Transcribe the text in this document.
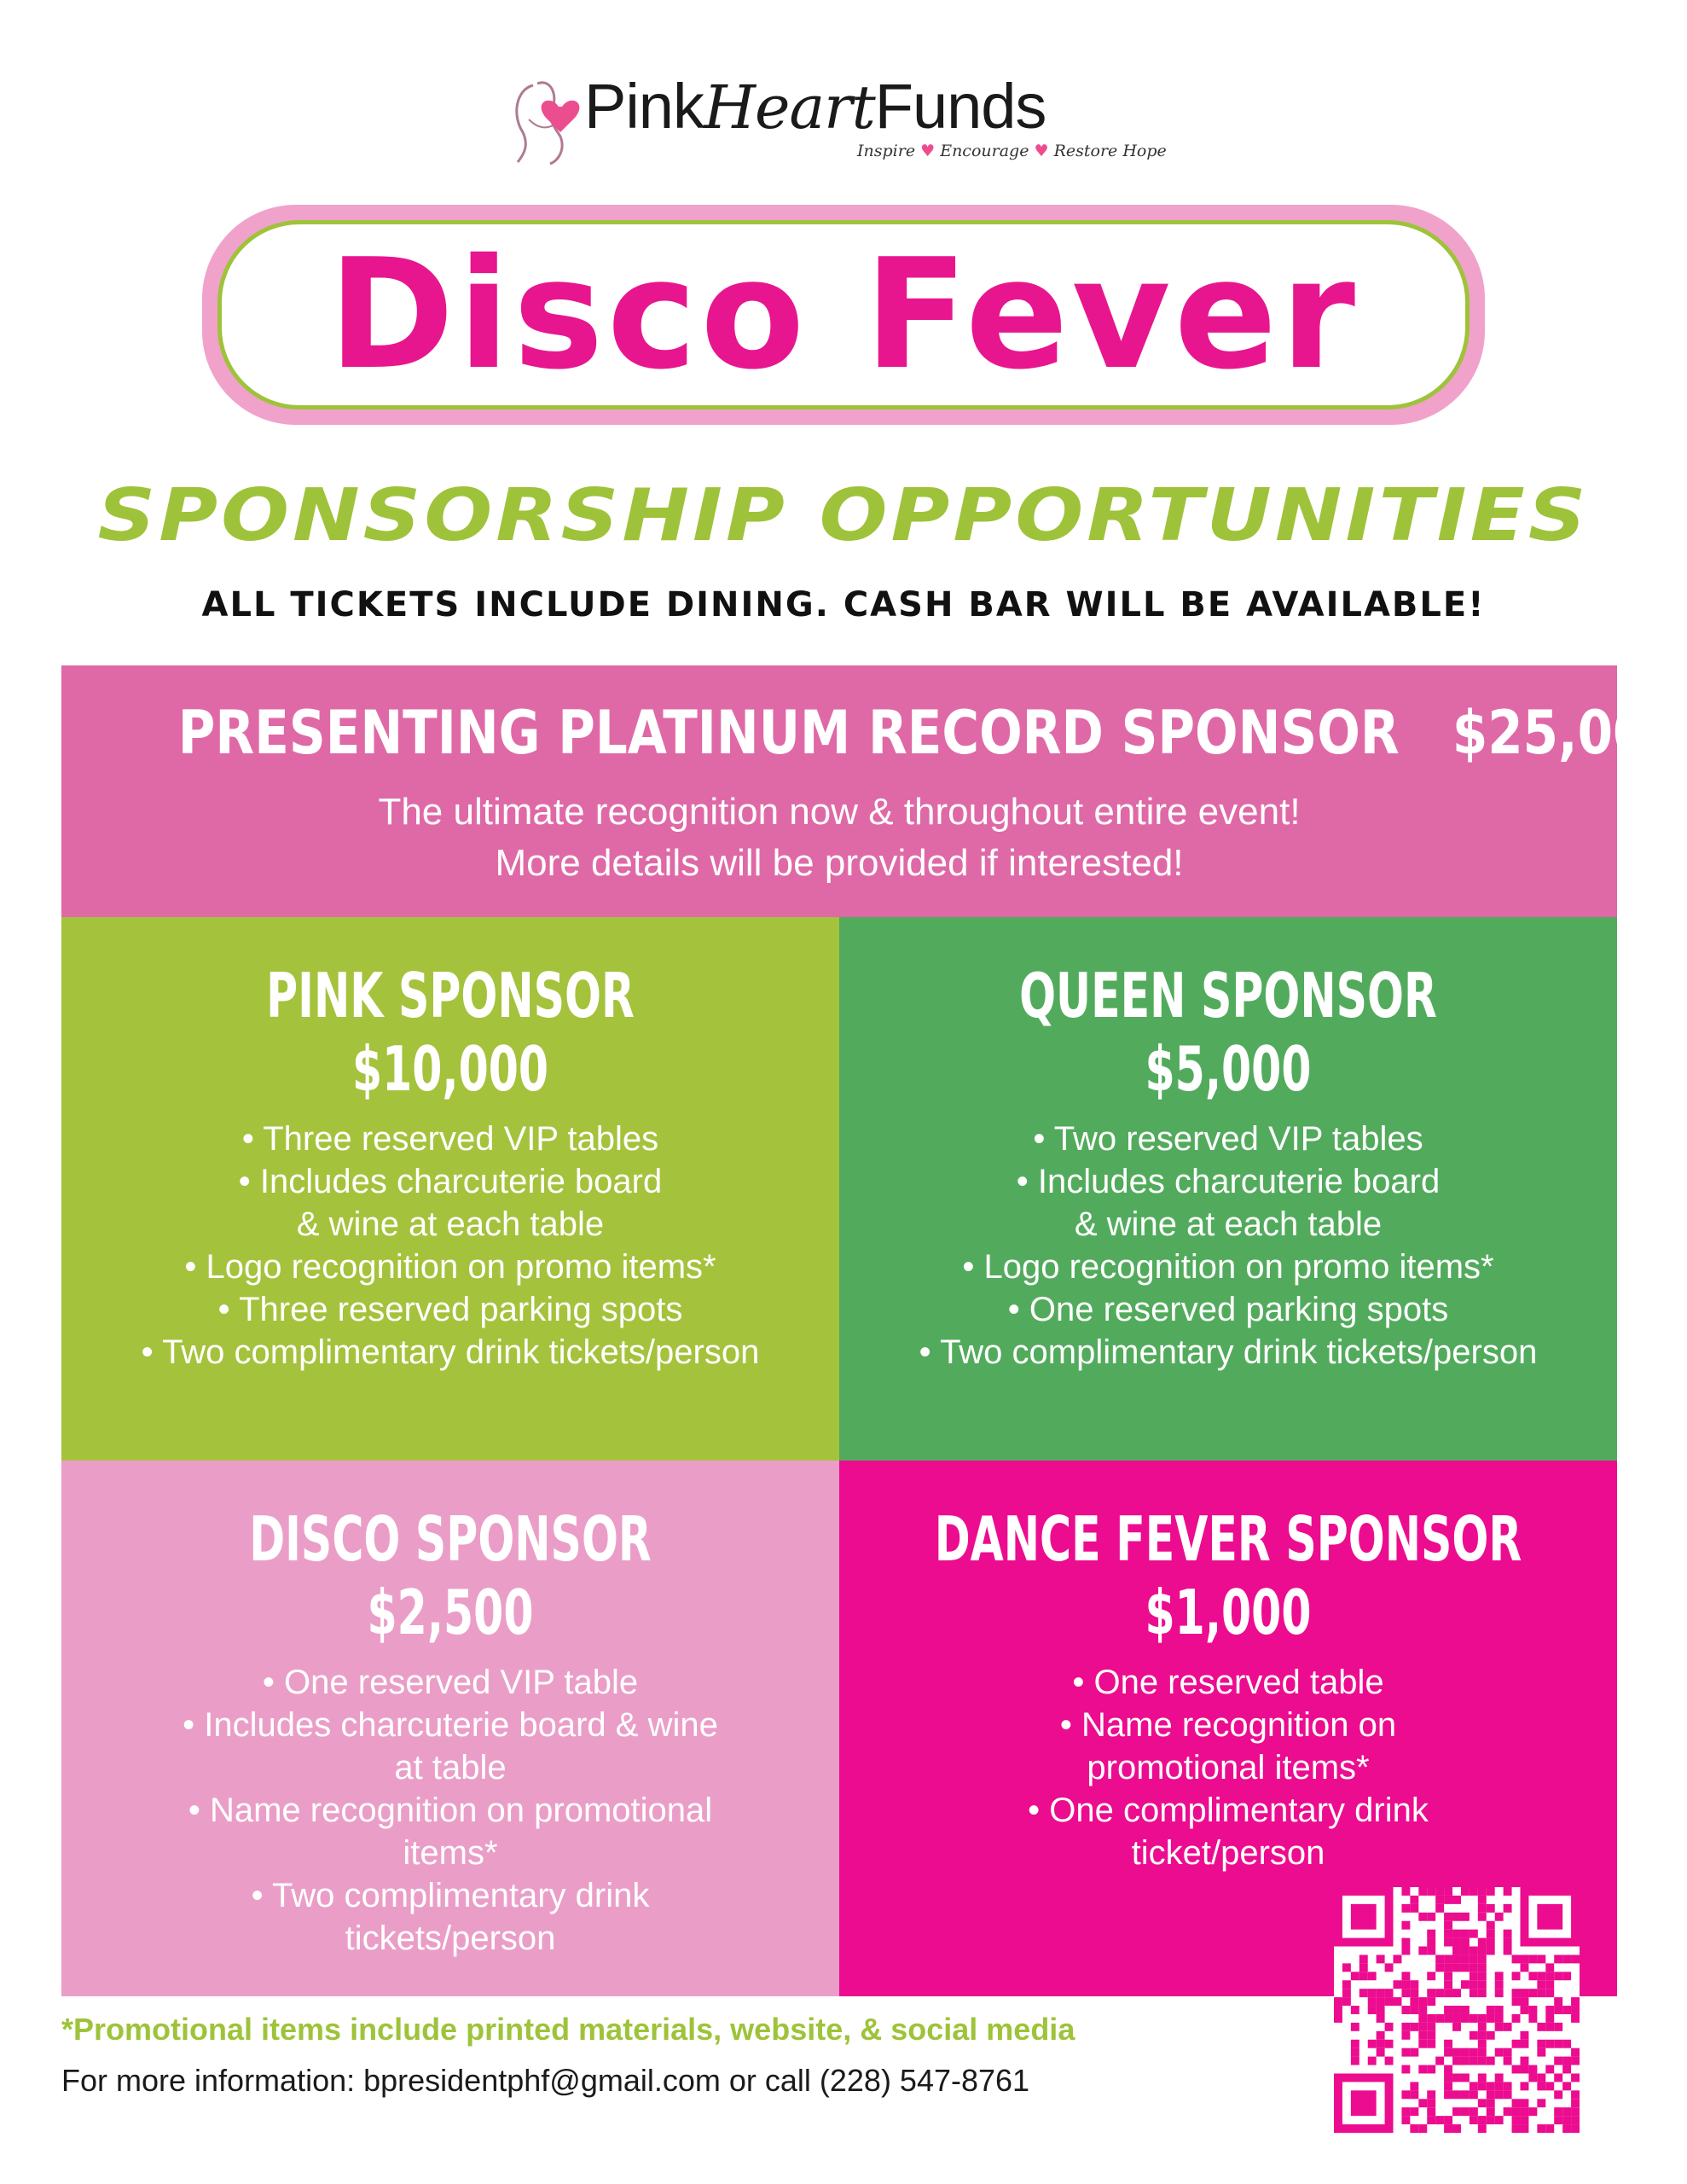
PinkHeartFunds
Inspire ♥ Encourage ♥ Restore Hope
Disco Fever
SPONSORSHIP OPPORTUNITIES
ALL TICKETS INCLUDE DINING. CASH BAR WILL BE AVAILABLE!
PRESENTING PLATINUM RECORD SPONSOR $25,000
The ultimate recognition now & throughout entire event!
More details will be provided if interested!
PINK SPONSOR
$10,000
• Three reserved VIP tables
• Includes charcuterie board
& wine at each table
• Logo recognition on promo items*
• Three reserved parking spots
• Two complimentary drink tickets/person
QUEEN SPONSOR
$5,000
• Two reserved VIP tables
• Includes charcuterie board
& wine at each table
• Logo recognition on promo items*
• One reserved parking spots
• Two complimentary drink tickets/person
DISCO SPONSOR
$2,500
• One reserved VIP table
• Includes charcuterie board & wine
at table
• Name recognition on promotional
items*
• Two complimentary drink
tickets/person
DANCE FEVER SPONSOR
$1,000
• One reserved table
• Name recognition on
promotional items*
• One complimentary drink
ticket/person
*Promotional items include printed materials, website, & social media
For more information: bpresidentphf@gmail.com or call (228) 547-8761
